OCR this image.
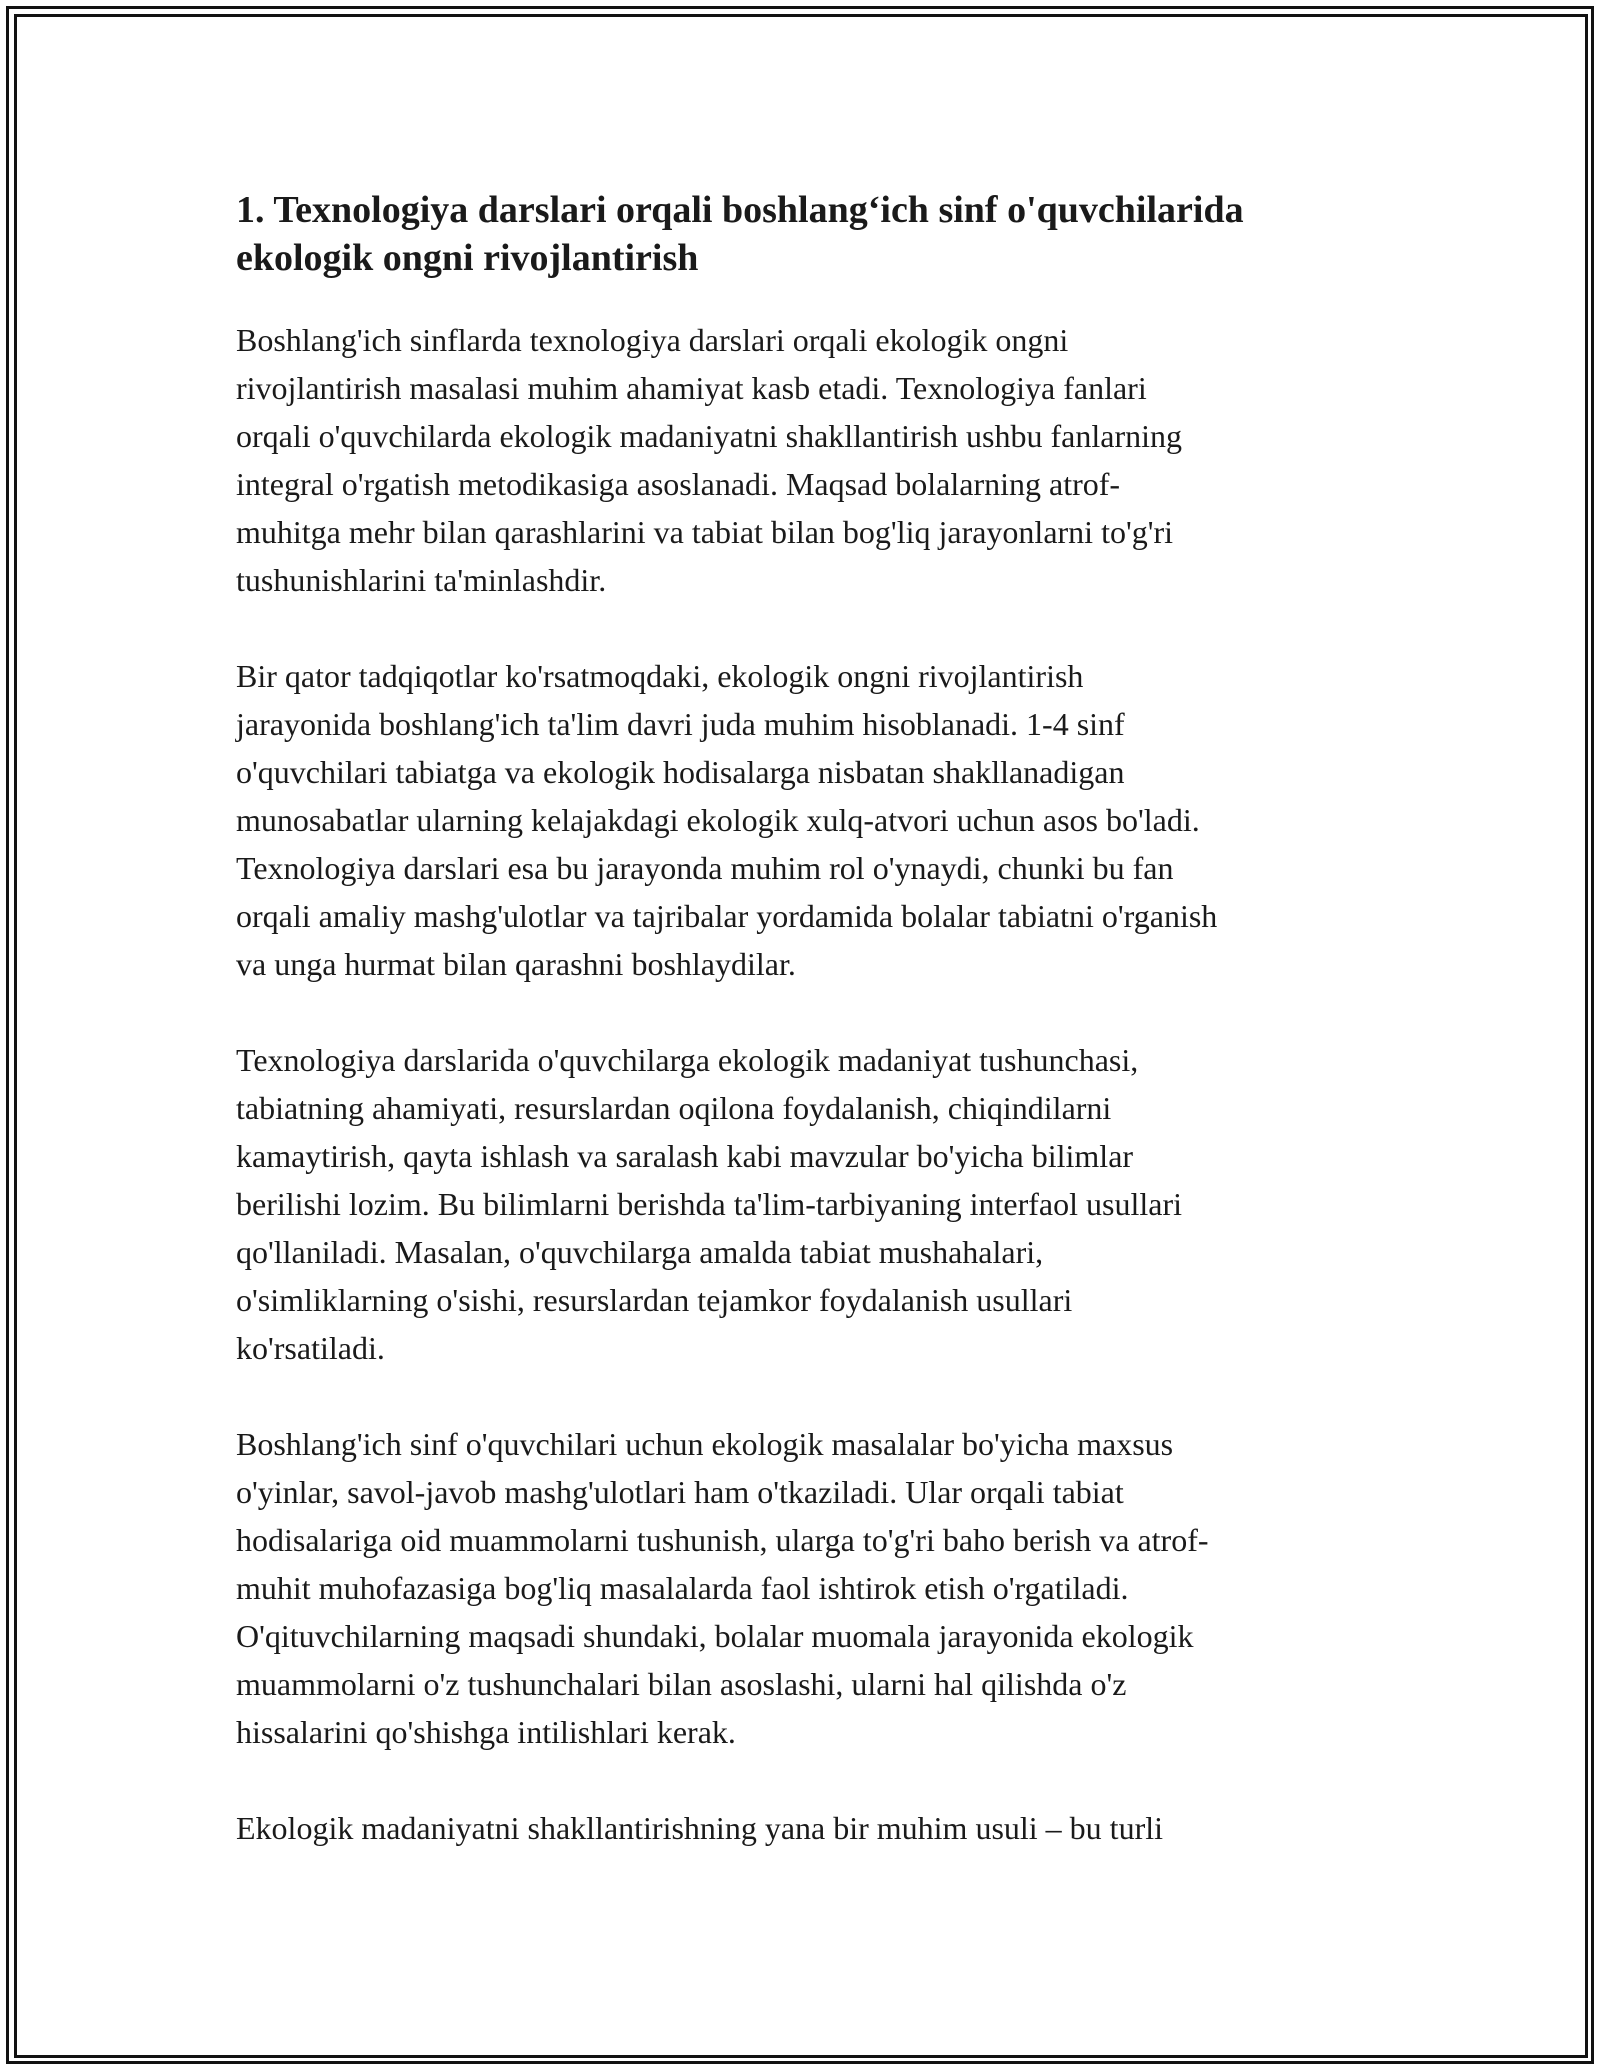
1. Texnologiya darslari orqali boshlang‘ich sinf o'quvchilarida
ekologik ongni rivojlantirish

Boshlang'ich sinflarda texnologiya darslari orqali ekologik ongni
rivojlantirish masalasi muhim ahamiyat kasb etadi. Texnologiya fanlari
orqali o'quvchilarda ekologik madaniyatni shakllantirish ushbu fanlarning
integral o'rgatish metodikasiga asoslanadi. Maqsad bolalarning atrof-
muhitga mehr bilan qarashlarini va tabiat bilan bog'liq jarayonlarni to'g'ri
tushunishlarini ta'minlashdir.

Bir qator tadqiqotlar ko'rsatmoqdaki, ekologik ongni rivojlantirish
jarayonida boshlang'ich ta'lim davri juda muhim hisoblanadi. 1-4 sinf
o'quvchilari tabiatga va ekologik hodisalarga nisbatan shakllanadigan
munosabatlar ularning kelajakdagi ekologik xulq-atvori uchun asos bo'ladi.
Texnologiya darslari esa bu jarayonda muhim rol o'ynaydi, chunki bu fan
orqali amaliy mashg'ulotlar va tajribalar yordamida bolalar tabiatni o'rganish
va unga hurmat bilan qarashni boshlaydilar.

Texnologiya darslarida o'quvchilarga ekologik madaniyat tushunchasi,
tabiatning ahamiyati, resurslardan oqilona foydalanish, chiqindilarni
kamaytirish, qayta ishlash va saralash kabi mavzular bo'yicha bilimlar
berilishi lozim. Bu bilimlarni berishda ta'lim-tarbiyaning interfaol usullari
qo'llaniladi. Masalan, o'quvchilarga amalda tabiat mushahalari,
o'simliklarning o'sishi, resurslardan tejamkor foydalanish usullari
ko'rsatiladi.

Boshlang'ich sinf o'quvchilari uchun ekologik masalalar bo'yicha maxsus
o'yinlar, savol-javob mashg'ulotlari ham o'tkaziladi. Ular orqali tabiat
hodisalariga oid muammolarni tushunish, ularga to'g'ri baho berish va atrof-
muhit muhofazasiga bog'liq masalalarda faol ishtirok etish o'rgatiladi.
O'qituvchilarning maqsadi shundaki, bolalar muomala jarayonida ekologik
muammolarni o'z tushunchalari bilan asoslashi, ularni hal qilishda o'z
hissalarini qo'shishga intilishlari kerak.

Ekologik madaniyatni shakllantirishning yana bir muhim usuli – bu turli
